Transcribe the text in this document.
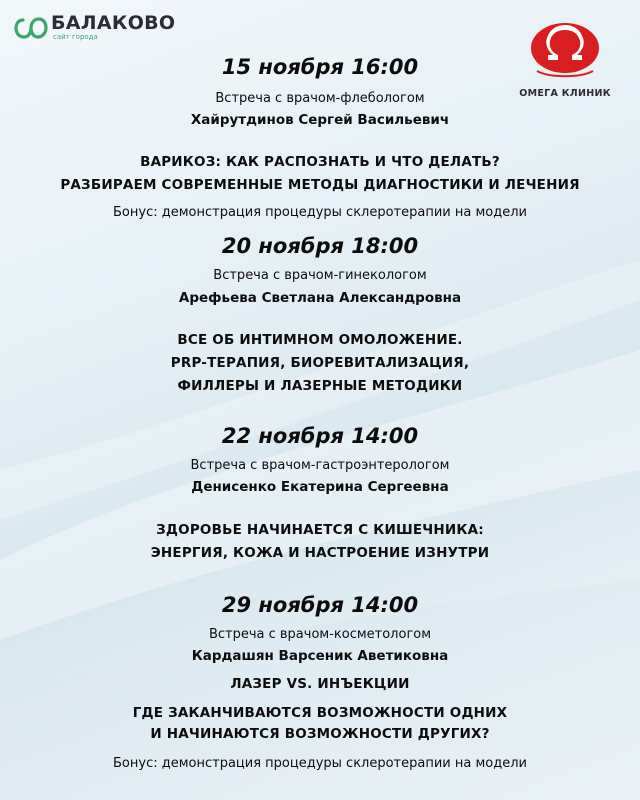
БАЛАКОВО
сайт города
ОМЕГА КЛИНИК
15 ноября 16:00
Встреча с врачом-флебологом
Хайрутдинов Сергей Васильевич
ВАРИКОЗ: КАК РАСПОЗНАТЬ И ЧТО ДЕЛАТЬ?
РАЗБИРАЕМ СОВРЕМЕННЫЕ МЕТОДЫ ДИАГНОСТИКИ И ЛЕЧЕНИЯ
Бонус: демонстрация процедуры склеротерапии на модели
20 ноября 18:00
Встреча с врачом-гинекологом
Арефьева Светлана Александровна
ВСЕ ОБ ИНТИМНОМ ОМОЛОЖЕНИЕ.
PRP-ТЕРАПИЯ, БИОРЕВИТАЛИЗАЦИЯ,
ФИЛЛЕРЫ И ЛАЗЕРНЫЕ МЕТОДИКИ
22 ноября 14:00
Встреча с врачом-гастроэнтерологом
Денисенко Екатерина Сергеевна
ЗДОРОВЬЕ НАЧИНАЕТСЯ С КИШЕЧНИКА:
ЭНЕРГИЯ, КОЖА И НАСТРОЕНИЕ ИЗНУТРИ
29 ноября 14:00
Встреча с врачом-косметологом
Кардашян Варсеник Аветиковна
ЛАЗЕР VS. ИНЪЕКЦИИ
ГДЕ ЗАКАНЧИВАЮТСЯ ВОЗМОЖНОСТИ ОДНИХ
И НАЧИНАЮТСЯ ВОЗМОЖНОСТИ ДРУГИХ?
Бонус: демонстрация процедуры склеротерапии на модели
